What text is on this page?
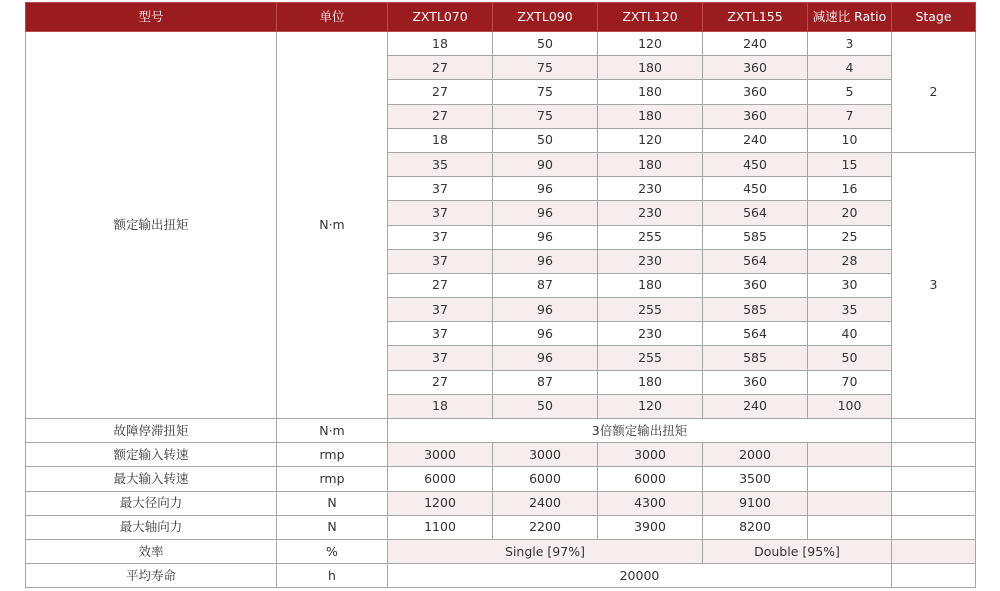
型号	单位	ZXTL070	ZXTL090	ZXTL120	ZXTL155	减速比 Ratio	Stage
额定输出扭矩	N·m	18	50	120	240	3	2
		27	75	180	360	4	
		27	75	180	360	5	
		27	75	180	360	7	
		18	50	120	240	10	
		35	90	180	450	15	3
		37	96	230	450	16	
		37	96	230	564	20	
		37	96	255	585	25	
		37	96	230	564	28	
		27	87	180	360	30	
		37	96	255	585	35	
		37	96	230	564	40	
		37	96	255	585	50	
		27	87	180	360	70	
		18	50	120	240	100	
故障停滞扭矩	N·m	3倍额定输出扭矩					
额定输入转速	rmp	3000	3000	3000	2000		
最大输入转速	rmp	6000	6000	6000	3500		
最大径向力	N	1200	2400	4300	9100		
最大轴向力	N	1100	2200	3900	8200		
效率	%	Single [97%]			Double [95%]		
平均寿命	h	20000					
